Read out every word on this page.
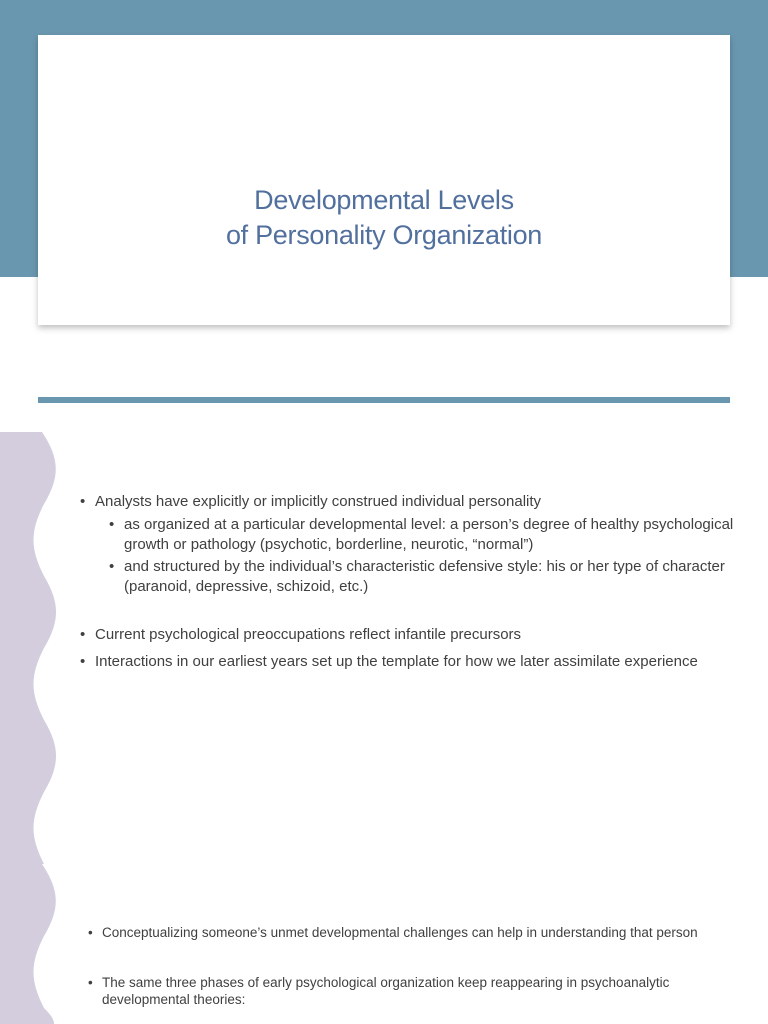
Developmental Levels
of Personality Organization
• Analysts have explicitly or implicitly construed individual personality
• as organized at a particular developmental level: a person’s degree of healthy psychological growth or pathology (psychotic, borderline, neurotic, “normal”)
• and structured by the individual’s characteristic defensive style: his or her type of character (paranoid, depressive, schizoid, etc.)
• Current psychological preoccupations reflect infantile precursors
• Interactions in our earliest years set up the template for how we later assimilate experience
• Conceptualizing someone’s unmet developmental challenges can help in understanding that person
• The same three phases of early psychological organization keep reappearing in psychoanalytic developmental theories:
